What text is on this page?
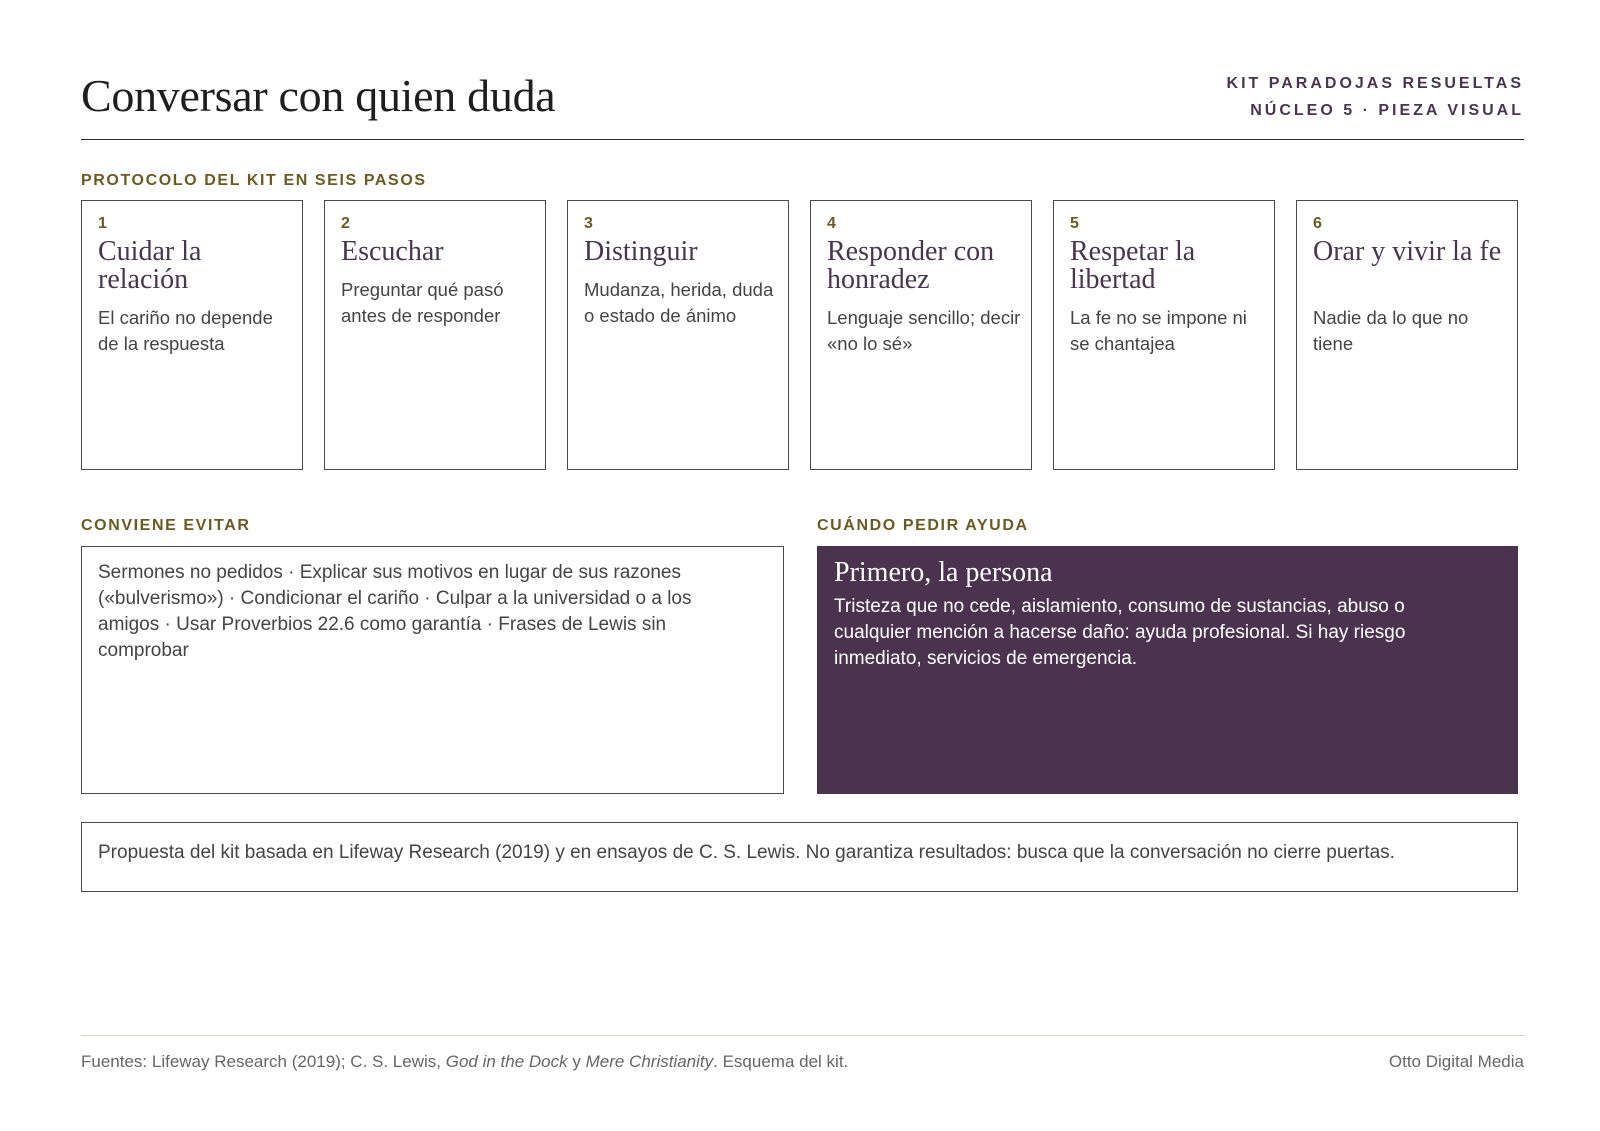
Conversar con quien duda	KIT PARADOJAS RESUELTAS
NÚCLEO 5 · PIEZA VISUAL
PROTOCOLO DEL KIT EN SEIS PASOS
1
Cuidar la relación
El cariño no depende de la respuesta
2
Escuchar
Preguntar qué pasó antes de responder
3
Distinguir
Mudanza, herida, duda o estado de ánimo
4
Responder con honradez
Lenguaje sencillo; decir «no lo sé»
5
Respetar la libertad
La fe no se impone ni se chantajea
6
Orar y vivir la fe
Nadie da lo que no tiene
CONVIENE EVITAR
Sermones no pedidos · Explicar sus motivos en lugar de sus razones («bulverismo») · Condicionar el cariño · Culpar a la universidad o a los amigos · Usar Proverbios 22.6 como garantía · Frases de Lewis sin comprobar
CUÁNDO PEDIR AYUDA
Primero, la persona
Tristeza que no cede, aislamiento, consumo de sustancias, abuso o cualquier mención a hacerse daño: ayuda profesional. Si hay riesgo inmediato, servicios de emergencia.
Propuesta del kit basada en Lifeway Research (2019) y en ensayos de C. S. Lewis. No garantiza resultados: busca que la conversación no cierre puertas.
Fuentes: Lifeway Research (2019); C. S. Lewis, God in the Dock y Mere Christianity. Esquema del kit.	Otto Digital Media
